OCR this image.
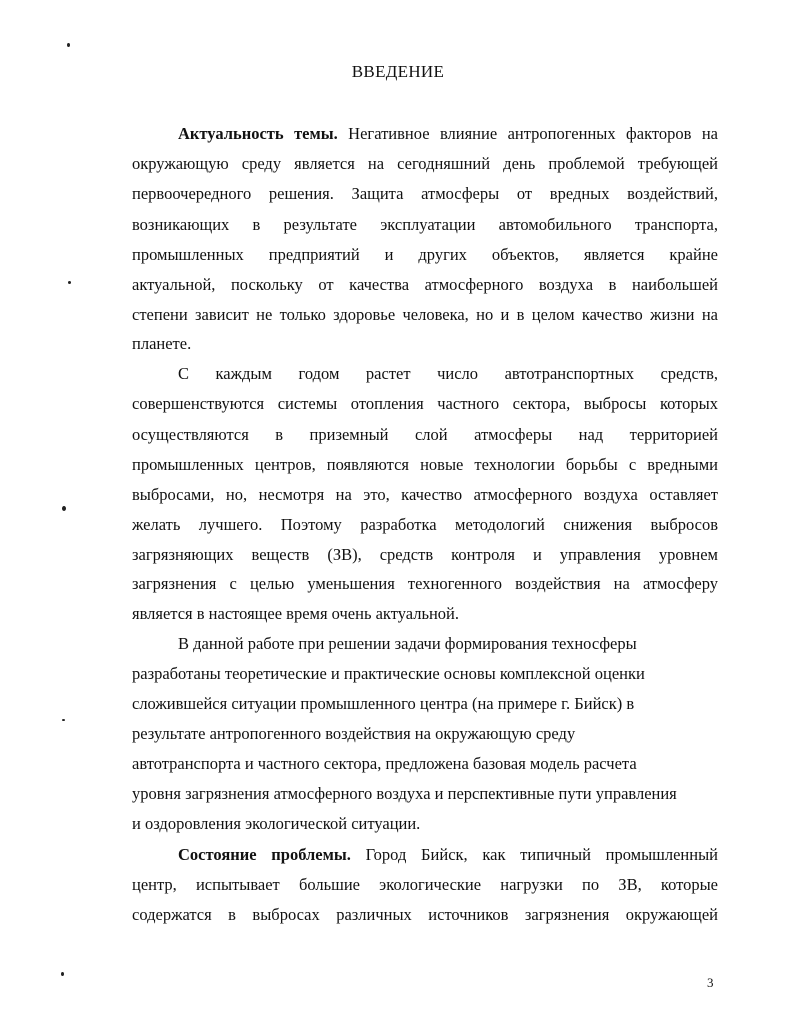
ВВЕДЕНИЕ
Актуальность темы. Негативное влияние антропогенных факторов на
окружающую среду является на сегодняшний день проблемой требующей
первоочередного решения. Защита атмосферы от вредных воздействий,
возникающих в результате эксплуатации автомобильного транспорта,
промышленных предприятий и других объектов, является крайне
актуальной, поскольку от качества атмосферного воздуха в наибольшей
степени зависит не только здоровье человека, но и в целом качество жизни на
планете.
С каждым годом растет число автотранспортных средств,
совершенствуются системы отопления частного сектора, выбросы которых
осуществляются в приземный слой атмосферы над территорией
промышленных центров, появляются новые технологии борьбы с вредными
выбросами, но, несмотря на это, качество атмосферного воздуха оставляет
желать лучшего. Поэтому разработка методологий снижения выбросов
загрязняющих веществ (ЗВ), средств контроля и управления уровнем
загрязнения с целью уменьшения техногенного воздействия на атмосферу
является в настоящее время очень актуальной.
В данной работе при решении задачи формирования техносферы
разработаны теоретические и практические основы комплексной оценки
сложившейся ситуации промышленного центра (на примере г. Бийск) в
результате антропогенного воздействия на окружающую среду
автотранспорта и частного сектора, предложена базовая модель расчета
уровня загрязнения атмосферного воздуха и перспективные пути управления
и оздоровления экологической ситуации.
Состояние проблемы. Город Бийск, как типичный промышленный
центр, испытывает большие экологические нагрузки по ЗВ, которые
содержатся в выбросах различных источников загрязнения окружающей
3
